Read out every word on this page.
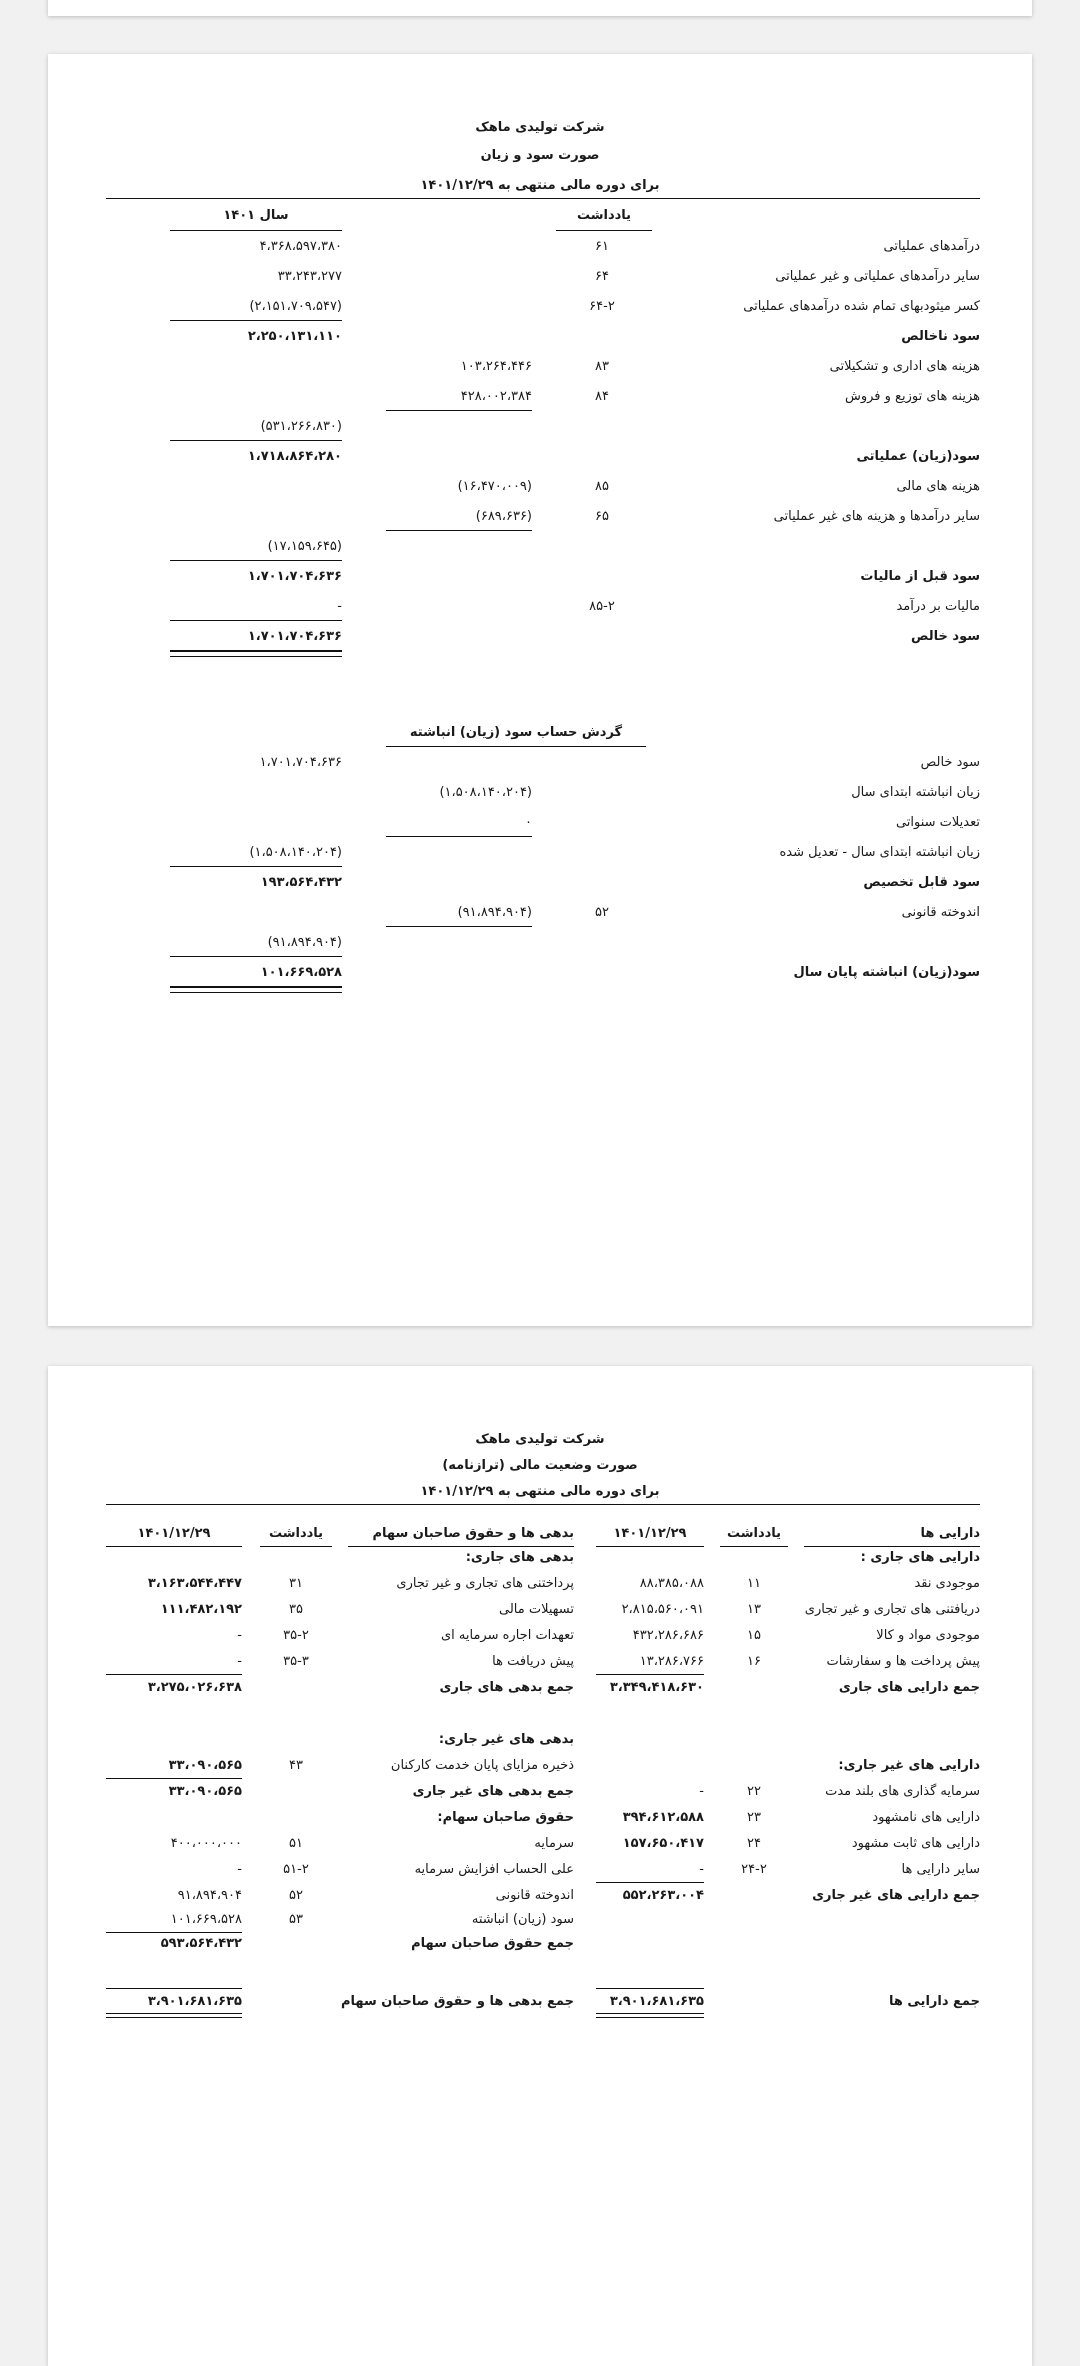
شرکت تولیدی ماهک
صورت سود و زیان
برای دوره مالی منتهی به ۱۴۰۱/۱۲/۲۹
یادداشت
سال ۱۴۰۱
درآمدهای عملیاتی
۶۱
۴،۳۶۸،۵۹۷،۳۸۰
سایر درآمدهای عملیاتی و غیر عملیاتی
۶۴
۳۳،۲۴۳،۲۷۷
کسر میثودبهای تمام شده درآمدهای عملیاتی
۶۴-۲
(۲،۱۵۱،۷۰۹،۵۴۷)
سود ناخالص
۲،۲۵۰،۱۳۱،۱۱۰
هزینه های اداری و تشکیلاتی
۸۳
۱۰۳،۲۶۴،۴۴۶
هزینه های توزیع و فروش
۸۴
۴۲۸،۰۰۲،۳۸۴
(۵۳۱،۲۶۶،۸۳۰)
سود(زیان) عملیاتی
۱،۷۱۸،۸۶۴،۲۸۰
هزینه های مالی
۸۵
(۱۶،۴۷۰،۰۰۹)
سایر درآمدها و هزینه های غیر عملیاتی
۶۵
(۶۸۹،۶۳۶)
(۱۷،۱۵۹،۶۴۵)
سود قبل از مالیات
۱،۷۰۱،۷۰۴،۶۳۶
مالیات بر درآمد
۸۵-۲
-
سود خالص
۱،۷۰۱،۷۰۴،۶۳۶
گردش حساب سود (زیان) انباشته
سود خالص
۱،۷۰۱،۷۰۴،۶۳۶
زیان انباشته ابتدای سال
(۱،۵۰۸،۱۴۰،۲۰۴)
تعدیلات سنواتی
۰
زیان انباشته ابتدای سال - تعدیل شده
(۱،۵۰۸،۱۴۰،۲۰۴)
سود قابل تخصیص
۱۹۳،۵۶۴،۴۳۲
اندوخته قانونی
۵۲
(۹۱،۸۹۴،۹۰۴)
(۹۱،۸۹۴،۹۰۴)
سود(زیان) انباشته پایان سال
۱۰۱،۶۶۹،۵۲۸
شرکت تولیدی ماهک
صورت وضعیت مالی (ترازنامه)
برای دوره مالی منتهی به ۱۴۰۱/۱۲/۲۹
دارایی ها
یادداشت
۱۴۰۱/۱۲/۲۹
بدهی ها و حقوق صاحبان سهام
یادداشت
۱۴۰۱/۱۲/۲۹
دارایی های جاری :
موجودی نقد
۱۱
۸۸،۳۸۵،۰۸۸
دریافتنی های تجاری و غیر تجاری
۱۳
۲،۸۱۵،۵۶۰،۰۹۱
موجودی مواد و کالا
۱۵
۴۳۲،۲۸۶،۶۸۶
پیش پرداخت ها و سفارشات
۱۶
۱۳،۲۸۶،۷۶۶
جمع دارایی های جاری
۳،۳۴۹،۴۱۸،۶۳۰
دارایی های غیر جاری:
سرمایه گذاری های بلند مدت
۲۲
-
دارایی های نامشهود
۲۳
۳۹۴،۶۱۲،۵۸۸
دارایی های ثابت مشهود
۲۴
۱۵۷،۶۵۰،۴۱۷
سایر دارایی ها
۲۴-۲
-
جمع دارایی های غیر جاری
۵۵۲،۲۶۳،۰۰۴
جمع دارایی ها
۳،۹۰۱،۶۸۱،۶۳۵
بدهی های جاری:
پرداختنی های تجاری و غیر تجاری
۳۱
۳،۱۶۳،۵۴۴،۴۴۷
تسهیلات مالی
۳۵
۱۱۱،۴۸۲،۱۹۲
تعهدات اجاره سرمایه ای
۳۵-۲
-
پیش دریافت ها
۳۵-۳
-
جمع بدهی های جاری
۳،۲۷۵،۰۲۶،۶۳۸
بدهی های غیر جاری:
ذخیره مزایای پایان خدمت کارکنان
۴۳
۳۳،۰۹۰،۵۶۵
جمع بدهی های غیر جاری
۳۳،۰۹۰،۵۶۵
حقوق صاحبان سهام:
سرمایه
۵۱
۴۰۰،۰۰۰،۰۰۰
علی الحساب افزایش سرمایه
۵۱-۲
-
اندوخته قانونی
۵۲
۹۱،۸۹۴،۹۰۴
سود (زیان) انباشته
۵۳
۱۰۱،۶۶۹،۵۲۸
جمع حقوق صاحبان سهام
۵۹۳،۵۶۴،۴۳۲
جمع بدهی ها و حقوق صاحبان سهام
۳،۹۰۱،۶۸۱،۶۳۵
